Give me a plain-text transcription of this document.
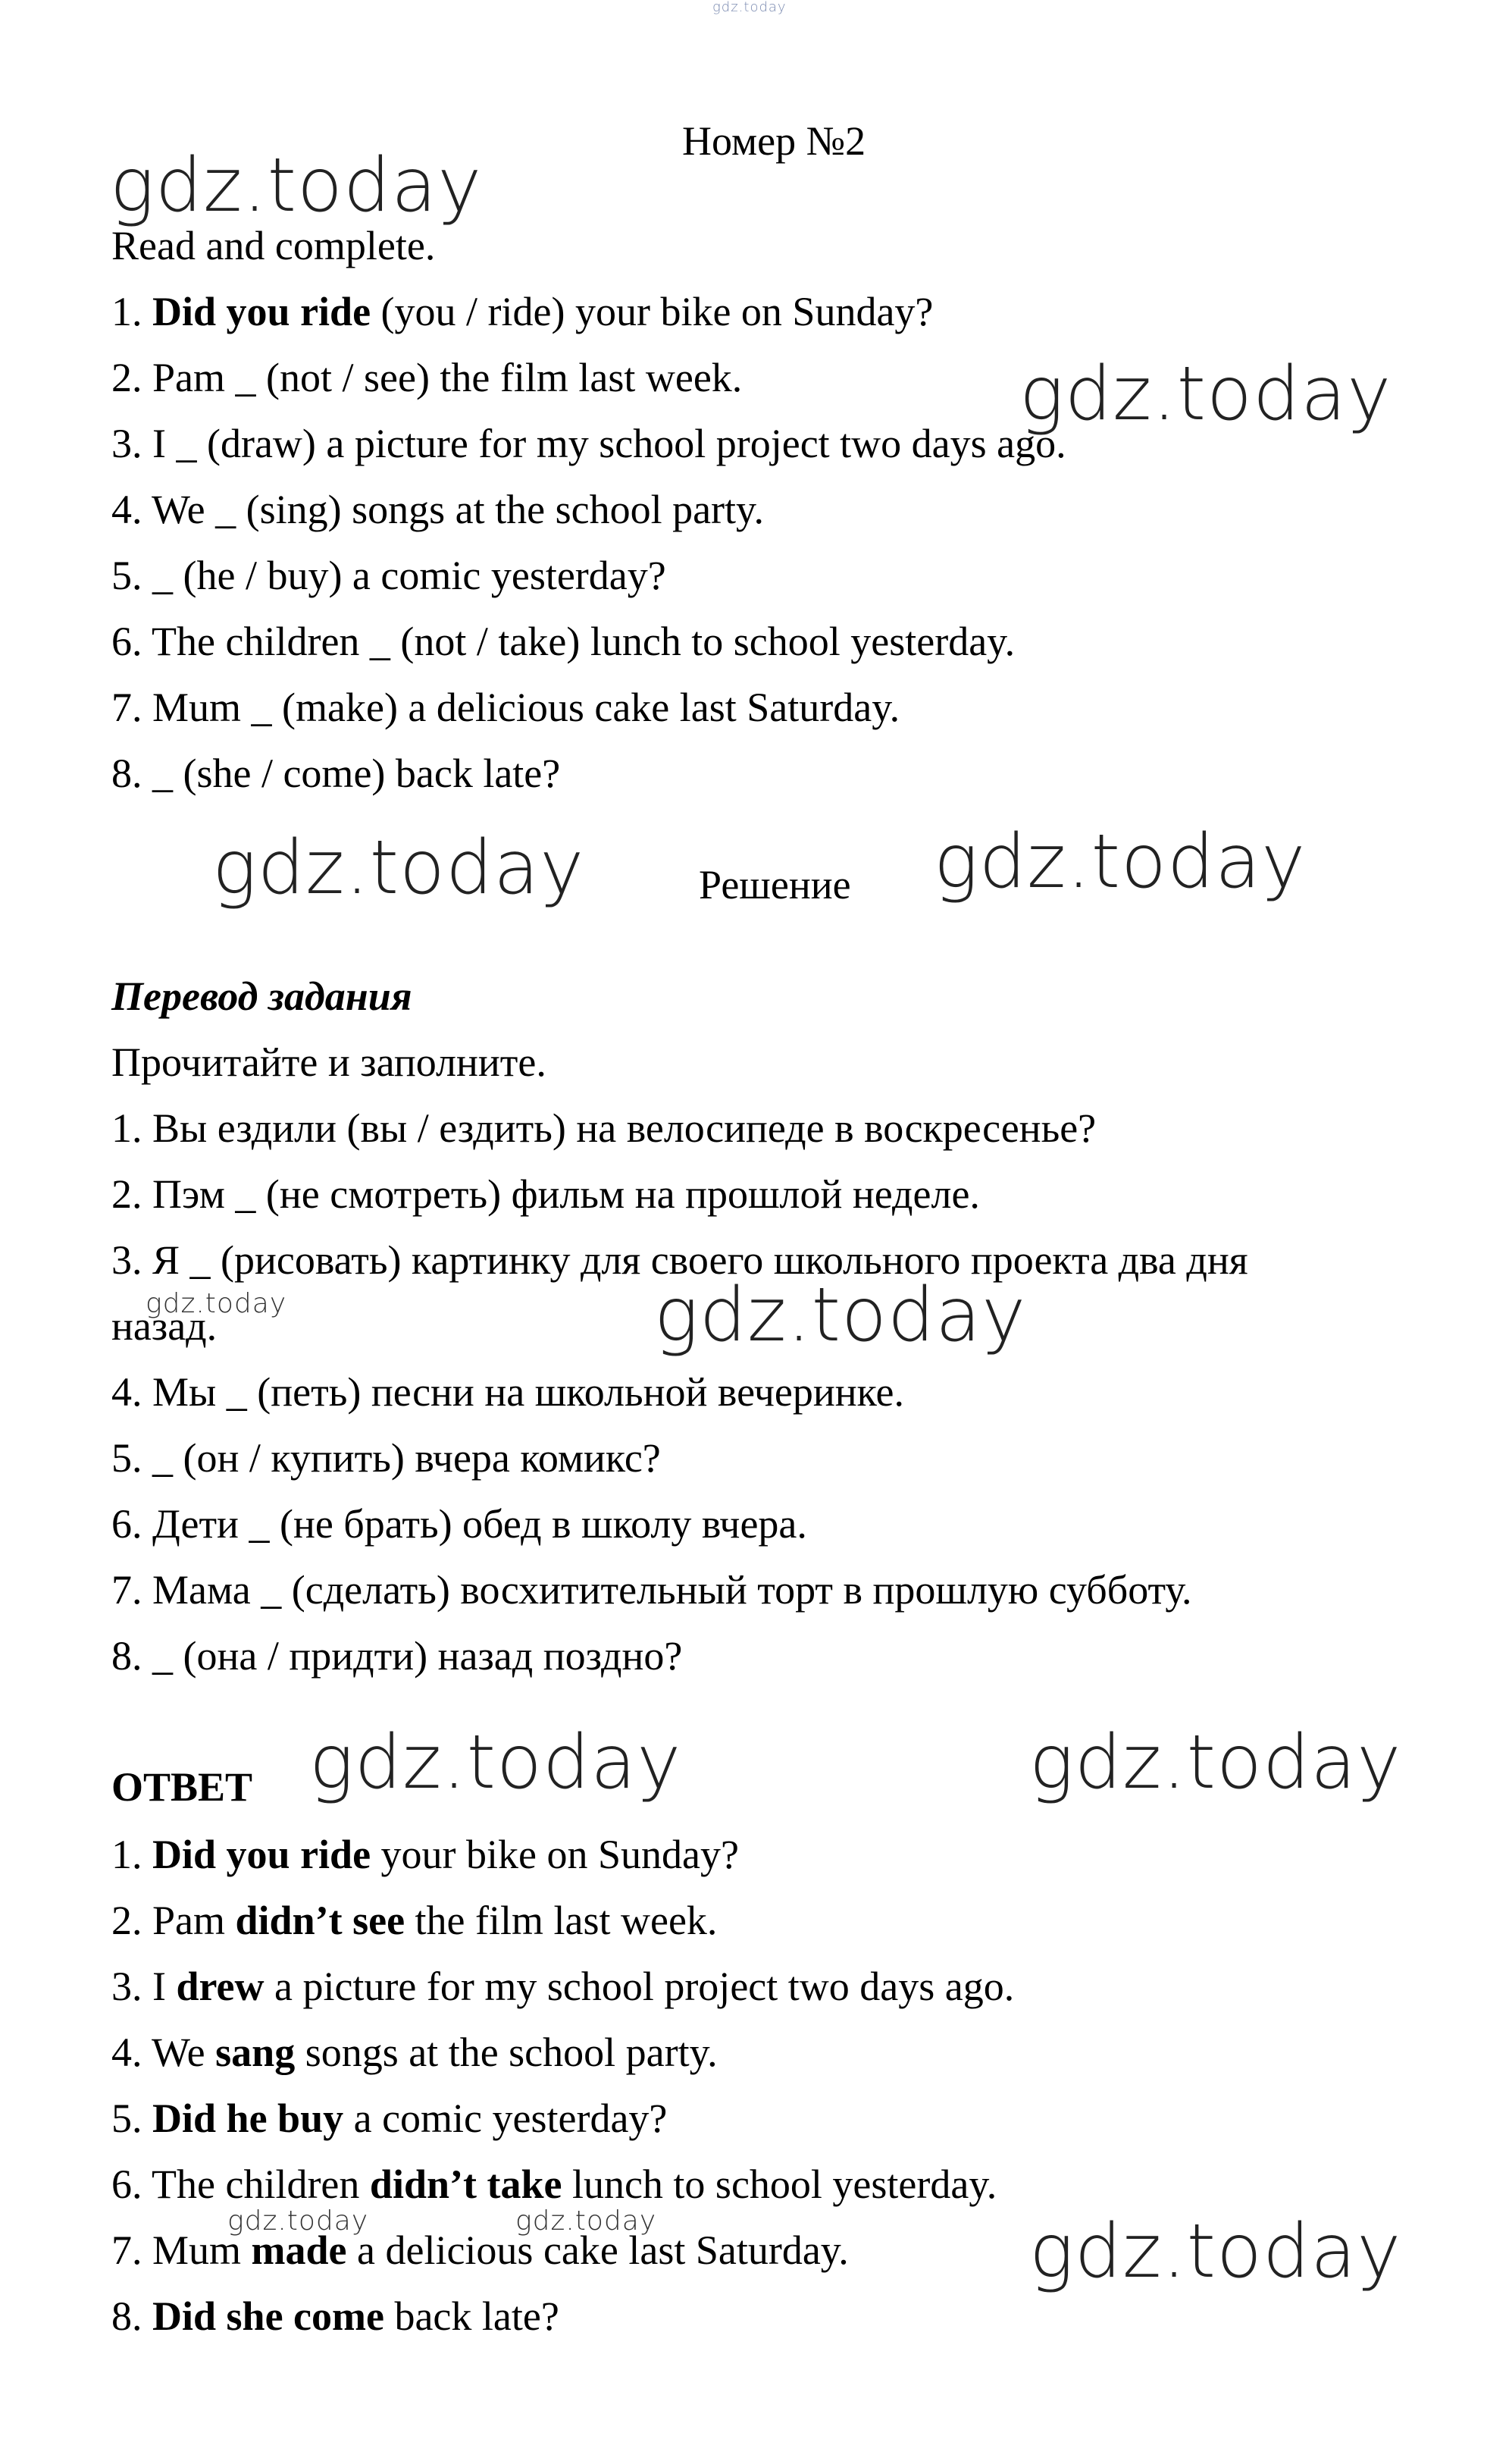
gdz.today
Номер №2
Read and complete.
1. Did you ride (you / ride) your bike on Sunday?
2. Pam _ (not / see) the film last week.
3. I _ (draw) a picture for my school project two days ago.
4. We _ (sing) songs at the school party.
5. _ (he / buy) a comic yesterday?
6. The children _ (not / take) lunch to school yesterday.
7. Mum _ (make) a delicious cake last Saturday.
8. _ (she / come) back late?
Решение
Перевод задания
Прочитайте и заполните.
1. Вы ездили (вы / ездить) на велосипеде в воскресенье?
2. Пэм _ (не смотреть) фильм на прошлой неделе.
3. Я _ (рисовать) картинку для своего школьного проекта два дня
назад.
4. Мы _ (петь) песни на школьной вечеринке.
5. _ (он / купить) вчера комикс?
6. Дети _ (не брать) обед в школу вчера.
7. Мама _ (сделать) восхитительный торт в прошлую субботу.
8. _ (она / придти) назад поздно?
ОТВЕТ
1. Did you ride your bike on Sunday?
2. Pam didn’t see the film last week.
3. I drew a picture for my school project two days ago.
4. We sang songs at the school party.
5. Did he buy a comic yesterday?
6. The children didn’t take lunch to school yesterday.
7. Mum made a delicious cake last Saturday.
8. Did she come back late?
gdz.today
gdz.today
gdz.today	gdz.today
gdz.today	gdz.today
gdz.today	gdz.today
gdz.today	gdz.today	gdz.today
